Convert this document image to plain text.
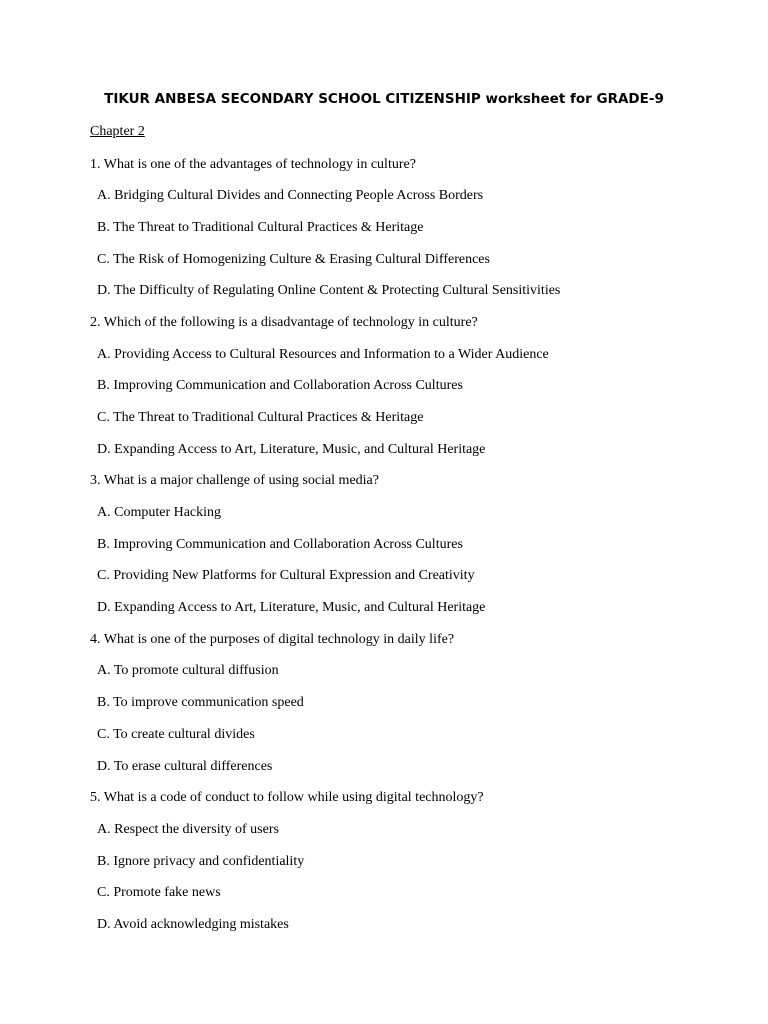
TIKUR ANBESA SECONDARY SCHOOL CITIZENSHIP worksheet for GRADE-9
Chapter 2

1. What is one of the advantages of technology in culture?

A. Bridging Cultural Divides and Connecting People Across Borders

B. The Threat to Traditional Cultural Practices & Heritage

C. The Risk of Homogenizing Culture & Erasing Cultural Differences

D. The Difficulty of Regulating Online Content & Protecting Cultural Sensitivities

2. Which of the following is a disadvantage of technology in culture?

A. Providing Access to Cultural Resources and Information to a Wider Audience

B. Improving Communication and Collaboration Across Cultures

C. The Threat to Traditional Cultural Practices & Heritage

D. Expanding Access to Art, Literature, Music, and Cultural Heritage

3. What is a major challenge of using social media?

A. Computer Hacking

B. Improving Communication and Collaboration Across Cultures

C. Providing New Platforms for Cultural Expression and Creativity

D. Expanding Access to Art, Literature, Music, and Cultural Heritage

4. What is one of the purposes of digital technology in daily life?

A. To promote cultural diffusion

B. To improve communication speed

C. To create cultural divides

D. To erase cultural differences

5. What is a code of conduct to follow while using digital technology?

A. Respect the diversity of users

B. Ignore privacy and confidentiality

C. Promote fake news

D. Avoid acknowledging mistakes
